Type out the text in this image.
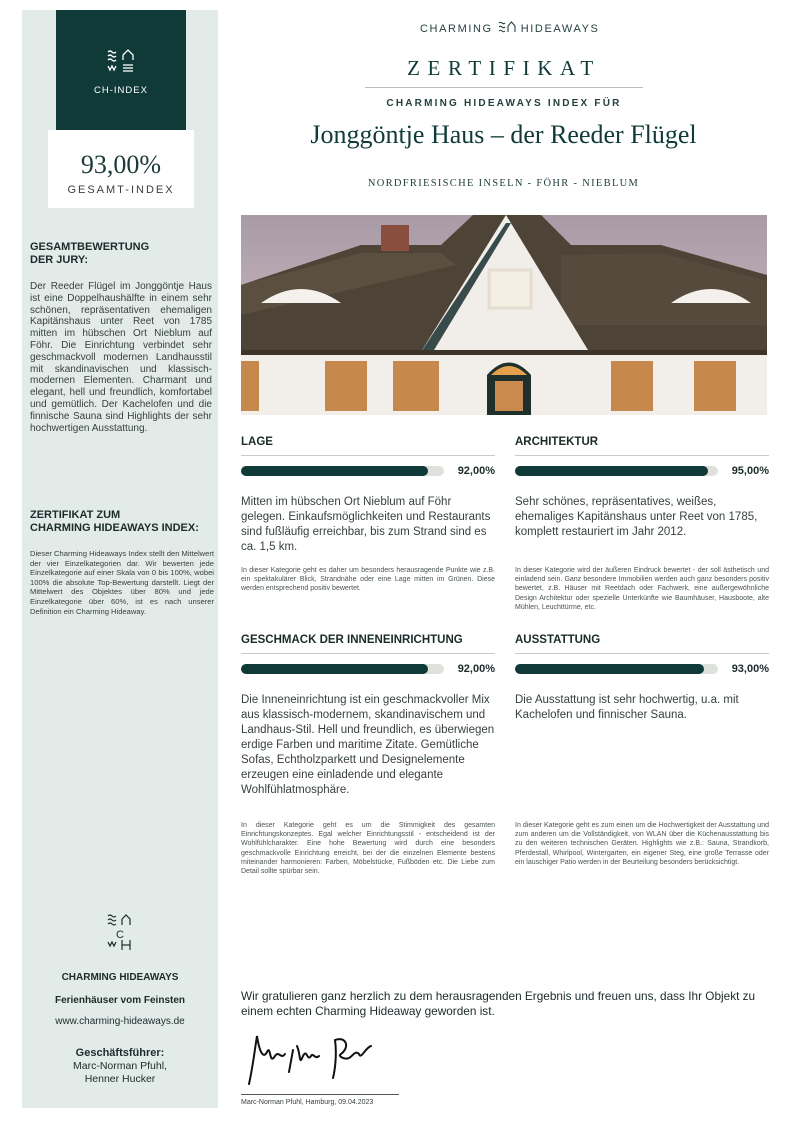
CH-INDEX
93,00%
GESAMT-INDEX
GESAMTBEWERTUNG
DER JURY:
Der Reeder Flügel im Jonggöntje Haus ist eine Doppelhaushälfte in einem sehr schönen, repräsentativen ehemaligen Kapitänshaus unter Reet von 1785 mitten im hübschen Ort Nieblum auf Föhr. Die Einrichtung verbindet sehr geschmackvoll modernen Landhausstil mit skandinavischen und klassisch-modernen Elementen. Charmant und elegant, hell und freundlich, komfortabel und gemütlich. Der Kachelofen und die finnische Sauna sind Highlights der sehr hochwertigen Ausstattung.
ZERTIFIKAT ZUM
CHARMING HIDEAWAYS INDEX:
Dieser Charming Hideaways Index stellt den Mittelwert der vier Einzelkategorien dar. Wir bewerten jede Einzelkategorie auf einer Skala von 0 bis 100%, wobei 100% die absolute Top-Bewertung darstellt. Liegt der Mittelwert des Objektes über 80% und jede Einzelkategorie über 60%, ist es nach unserer Definition ein Charming Hideaway.
C
CHARMING HIDEAWAYS
Ferienhäuser vom Feinsten
www.charming-hideaways.de
Geschäftsführer:
Marc-Norman Pfuhl,
Henner Hucker
CHARMING	HIDEAWAYS
ZERTIFIKAT
CHARMING HIDEAWAYS INDEX FÜR
Jonggöntje Haus – der Reeder Flügel
NORDFRIESISCHE INSELN - FÖHR - NIEBLUM
LAGE
92,00%
Mitten im hübschen Ort Nieblum auf Föhr gelegen. Einkaufsmöglichkeiten und Restaurants sind fußläufig erreichbar, bis zum Strand sind es ca. 1,5 km.
In dieser Kategorie geht es daher um besonders herausragende Punkte wie z.B. ein spektakulärer Blick, Strandnähe oder eine Lage mitten im Grünen. Diese werden entsprechend positiv bewertet.
ARCHITEKTUR
95,00%
Sehr schönes, repräsentatives, weißes, ehemaliges Kapitänshaus unter Reet von 1785, komplett restauriert im Jahr 2012.
In dieser Kategorie wird der äußeren Eindruck bewertet - der soll ästhetisch und einladend sein. Ganz besondere Immobilien werden auch ganz besonders positiv bewertet, z.B. Häuser mit Reetdach oder Fachwerk, eine außergewöhnliche Design Architektur oder spezielle Unterkünfte wie Baumhäuser, Hausboote, alte Mühlen, Leuchttürme, etc.
GESCHMACK DER INNENEINRICHTUNG
92,00%
Die Inneneinrichtung ist ein geschmackvoller Mix aus klassisch-modernem, skandinavischem und Landhaus-Stil. Hell und freundlich, es überwiegen erdige Farben und maritime Zitate. Gemütliche Sofas, Echtholzparkett und Designelemente erzeugen eine einladende und elegante Wohlfühlatmosphäre.
In dieser Kategorie geht es um die Stimmigkeit des gesamten Einrichtungskonzeptes. Egal welcher Einrichtungsstil - entscheidend ist der Wohlfühlcharakter. Eine hohe Bewertung wird durch eine besonders geschmackvolle Einrichtung erreicht, bei der die einzelnen Elemente bestens miteinander harmonieren: Farben, Möbelstücke, Fußböden etc. Die Liebe zum Detail sollte spürbar sein.
AUSSTATTUNG
93,00%
Die Ausstattung ist sehr hochwertig, u.a. mit Kachelofen und finnischer Sauna.
In dieser Kategorie geht es zum einen um die Hochwertigkeit der Ausstattung und zum anderen um die Vollständigkeit, von WLAN über die Küchenausstattung bis zu den weiteren technischen Geräten. Highlights wie z.B.: Sauna, Strandkorb, Pferdestall, Whirlpool, Wintergarten, ein eigener Steg, eine große Terrasse oder ein lauschiger Patio werden in der Beurteilung besonders berücksichtigt.
Wir gratulieren ganz herzlich zu dem herausragenden Ergebnis und freuen uns, dass Ihr Objekt zu einem echten Charming Hideaway geworden ist.
Marc-Norman Pfuhl, Hamburg, 09.04.2023
